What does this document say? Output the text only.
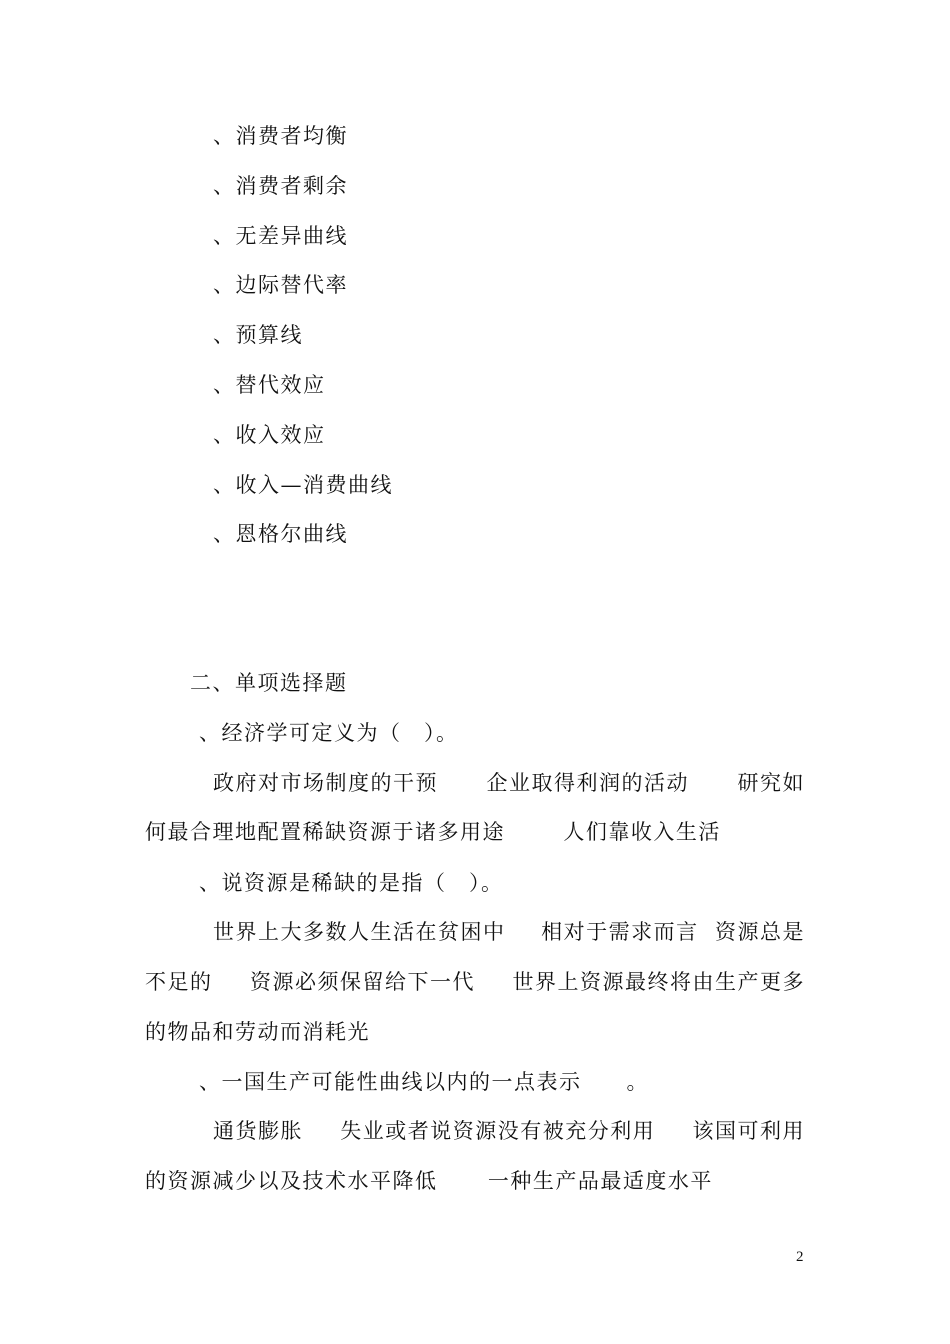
、消费者均衡
、消费者剩余
、无差异曲线
、边际替代率
、预算线
、替代效应
、收入效应
、收入—消费曲线
、恩格尔曲线
二、单项选择题
、经济学可定义为（　）。
政府对市场制度的干预 企业取得利润的活动 研究如
何最合理地配置稀缺资源于诸多用途	人们靠收入生活
、说资源是稀缺的是指（　）。
世界上大多数人生活在贫困中 相对于需求而言  资源总是
不足的 资源必须保留给下一代 世界上资源最终将由生产更多
的物品和劳动而消耗光
、一国生产可能性曲线以内的一点表示　　。
通货膨胀 失业或者说资源没有被充分利用 该国可利用
的资源减少以及技术水平降低 一种生产品最适度水平
2
